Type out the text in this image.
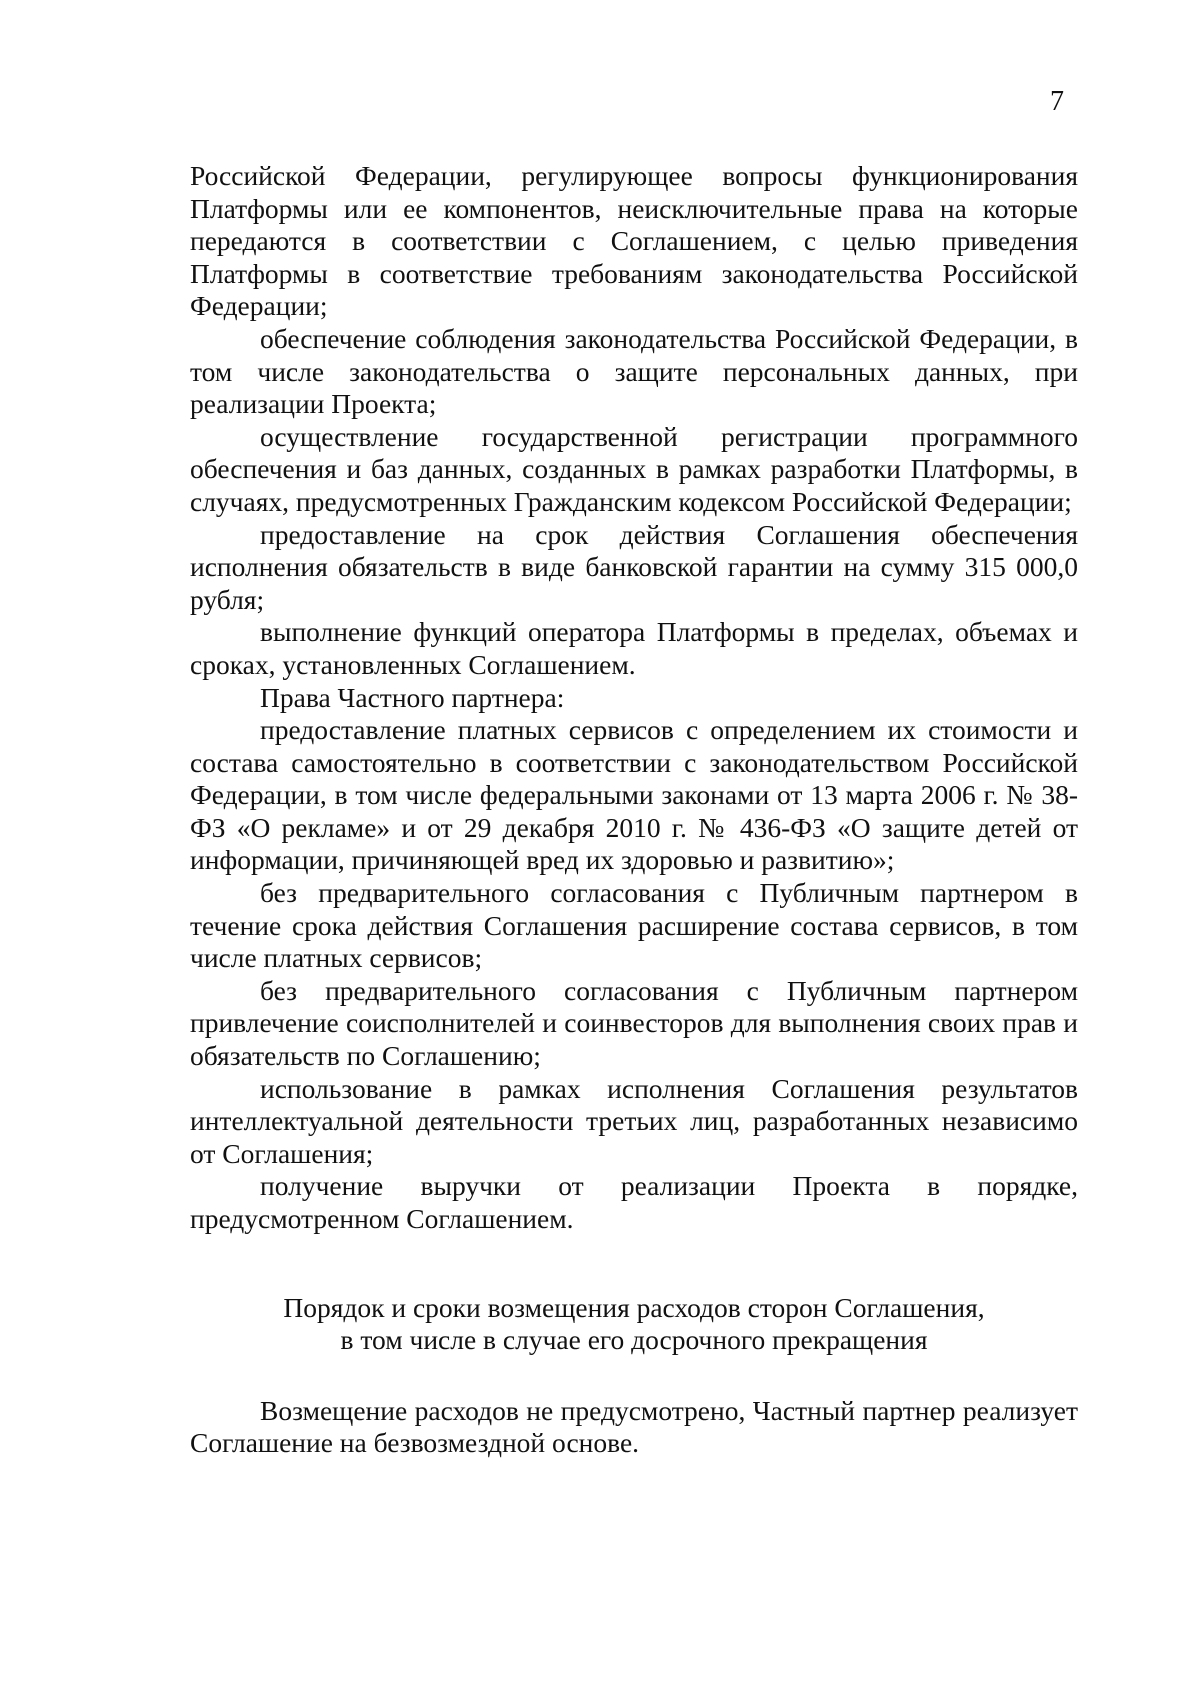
7

Российской Федерации, регулирующее вопросы функционирования Платформы или ее компонентов, неисключительные права на которые передаются в соответствии с Соглашением, с целью приведения Платформы в соответствие требованиям законодательства Российской Федерации;

обеспечение соблюдения законодательства Российской Федерации, в том числе законодательства о защите персональных данных, при реализации Проекта;

осуществление государственной регистрации программного обеспечения и баз данных, созданных в рамках разработки Платформы, в случаях, предусмотренных Гражданским кодексом Российской Федерации;

предоставление на срок действия Соглашения обеспечения исполнения обязательств в виде банковской гарантии на сумму 315 000,0 рубля;

выполнение функций оператора Платформы в пределах, объемах и сроках, установленных Соглашением.

Права Частного партнера:

предоставление платных сервисов с определением их стоимости и состава самостоятельно в соответствии с законодательством Российской Федерации, в том числе федеральными законами от 13 марта 2006 г. № 38-ФЗ «О рекламе» и от 29 декабря 2010 г. № 436-ФЗ «О защите детей от информации, причиняющей вред их здоровью и развитию»;

без предварительного согласования с Публичным партнером в течение срока действия Соглашения расширение состава сервисов, в том числе платных сервисов;

без предварительного согласования с Публичным партнером привлечение соисполнителей и соинвесторов для выполнения своих прав и обязательств по Соглашению;

использование в рамках исполнения Соглашения результатов интеллектуальной деятельности третьих лиц, разработанных независимо от Соглашения;

получение выручки от реализации Проекта в порядке, предусмотренном Соглашением.

Порядок и сроки возмещения расходов сторон Соглашения,
в том числе в случае его досрочного прекращения

Возмещение расходов не предусмотрено, Частный партнер реализует Соглашение на безвозмездной основе.
